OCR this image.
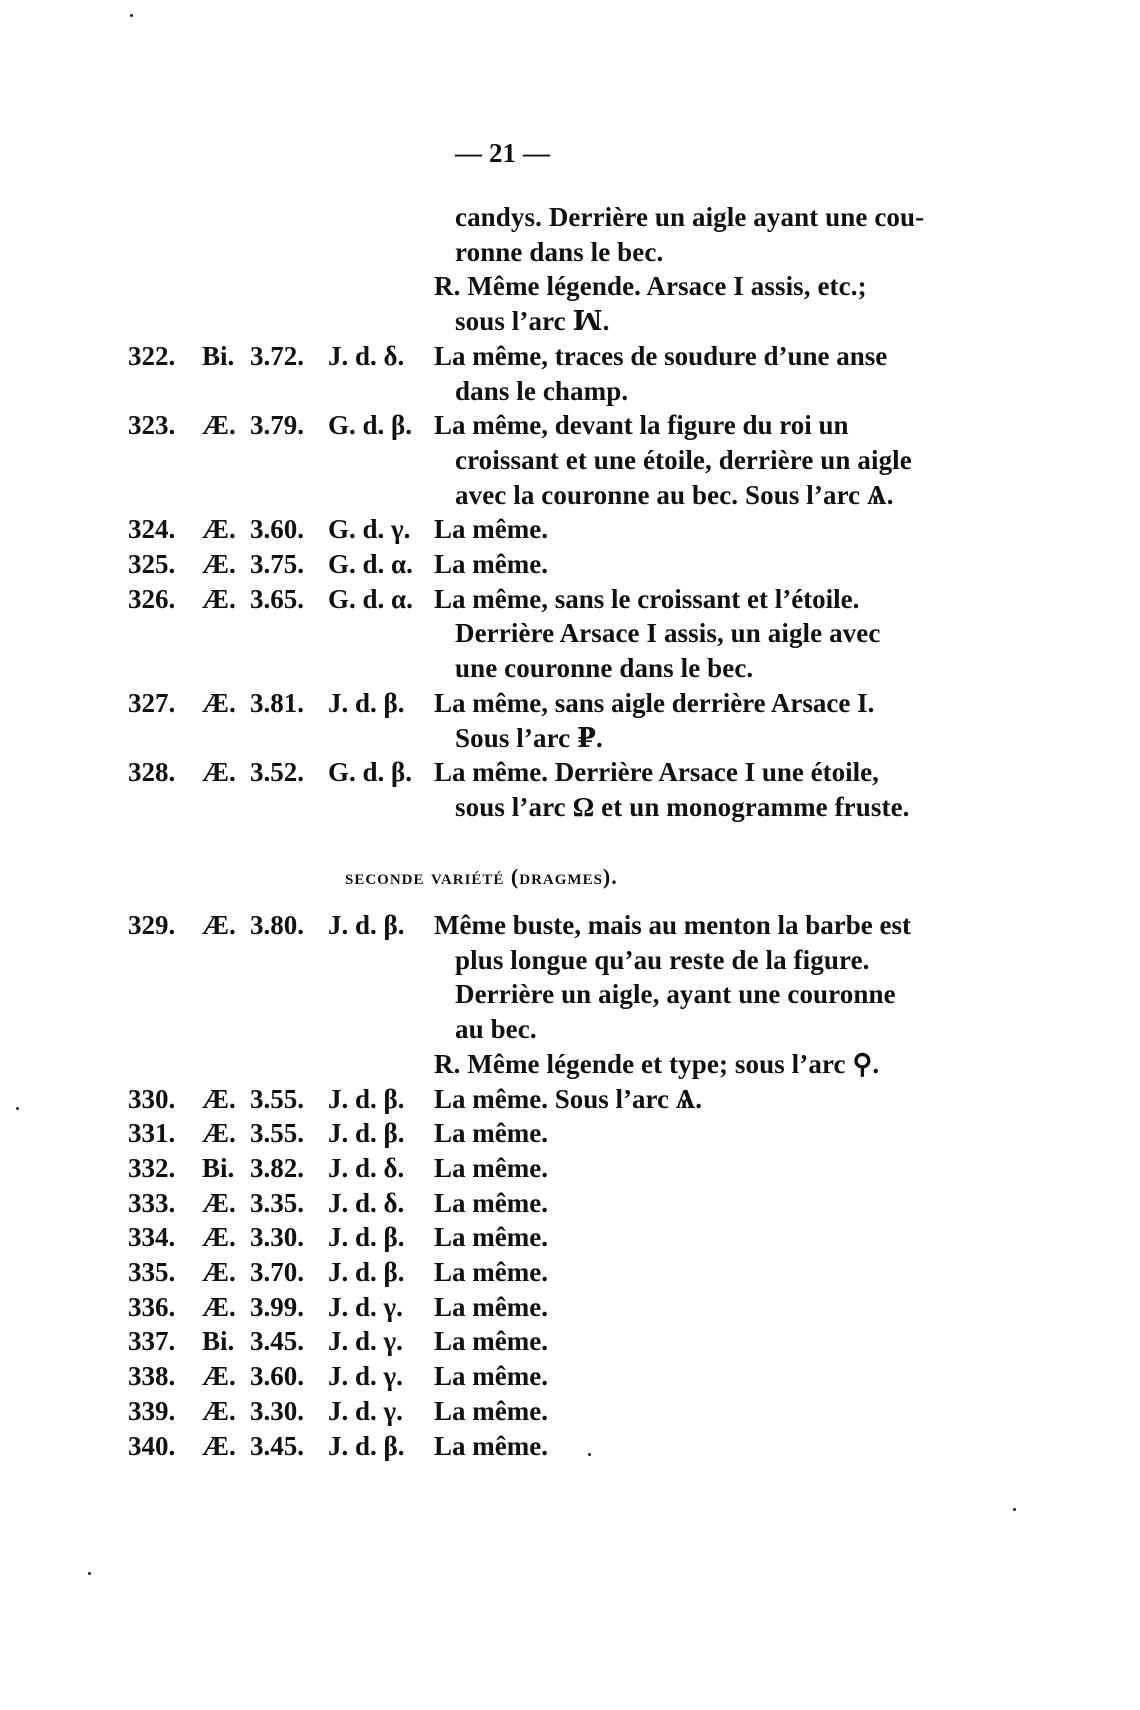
— 21 —
candys. Derrière un aigle ayant une cou-
ronne dans le bec.
R. Même légende. Arsace I assis, etc.;
sous l’arc ꟽ.
322. Bi. 3.72. J. d. δ. La même, traces de soudure d’une anse
dans le champ.
323. Æ. 3.79. G. d. β. La même, devant la figure du roi un
croissant et une étoile, derrière un aigle
avec la couronne au bec. Sous l’arc Ѧ.
324. Æ. 3.60. G. d. γ. La même.
325. Æ. 3.75. G. d. α. La même.
326. Æ. 3.65. G. d. α. La même, sans le croissant et l’étoile.
Derrière Arsace I assis, un aigle avec
une couronne dans le bec.
327. Æ. 3.81. J. d. β. La même, sans aigle derrière Arsace I.
Sous l’arc ₽.
328. Æ. 3.52. G. d. β. La même. Derrière Arsace I une étoile,
sous l’arc Ω et un monogramme fruste.
seconde variété (dragmes).
329. Æ. 3.80. J. d. β. Même buste, mais au menton la barbe est
plus longue qu’au reste de la figure.
Derrière un aigle, ayant une couronne
au bec.
R. Même légende et type; sous l’arc ⚲.
330. Æ. 3.55. J. d. β. La même. Sous l’arc Ѧ.
331. Æ. 3.55. J. d. β. La même.
332. Bi. 3.82. J. d. δ. La même.
333. Æ. 3.35. J. d. δ. La même.
334. Æ. 3.30. J. d. β. La même.
335. Æ. 3.70. J. d. β. La même.
336. Æ. 3.99. J. d. γ. La même.
337. Bi. 3.45. J. d. γ. La même.
338. Æ. 3.60. J. d. γ. La même.
339. Æ. 3.30. J. d. γ. La même.
340. Æ. 3.45. J. d. β. La même.
